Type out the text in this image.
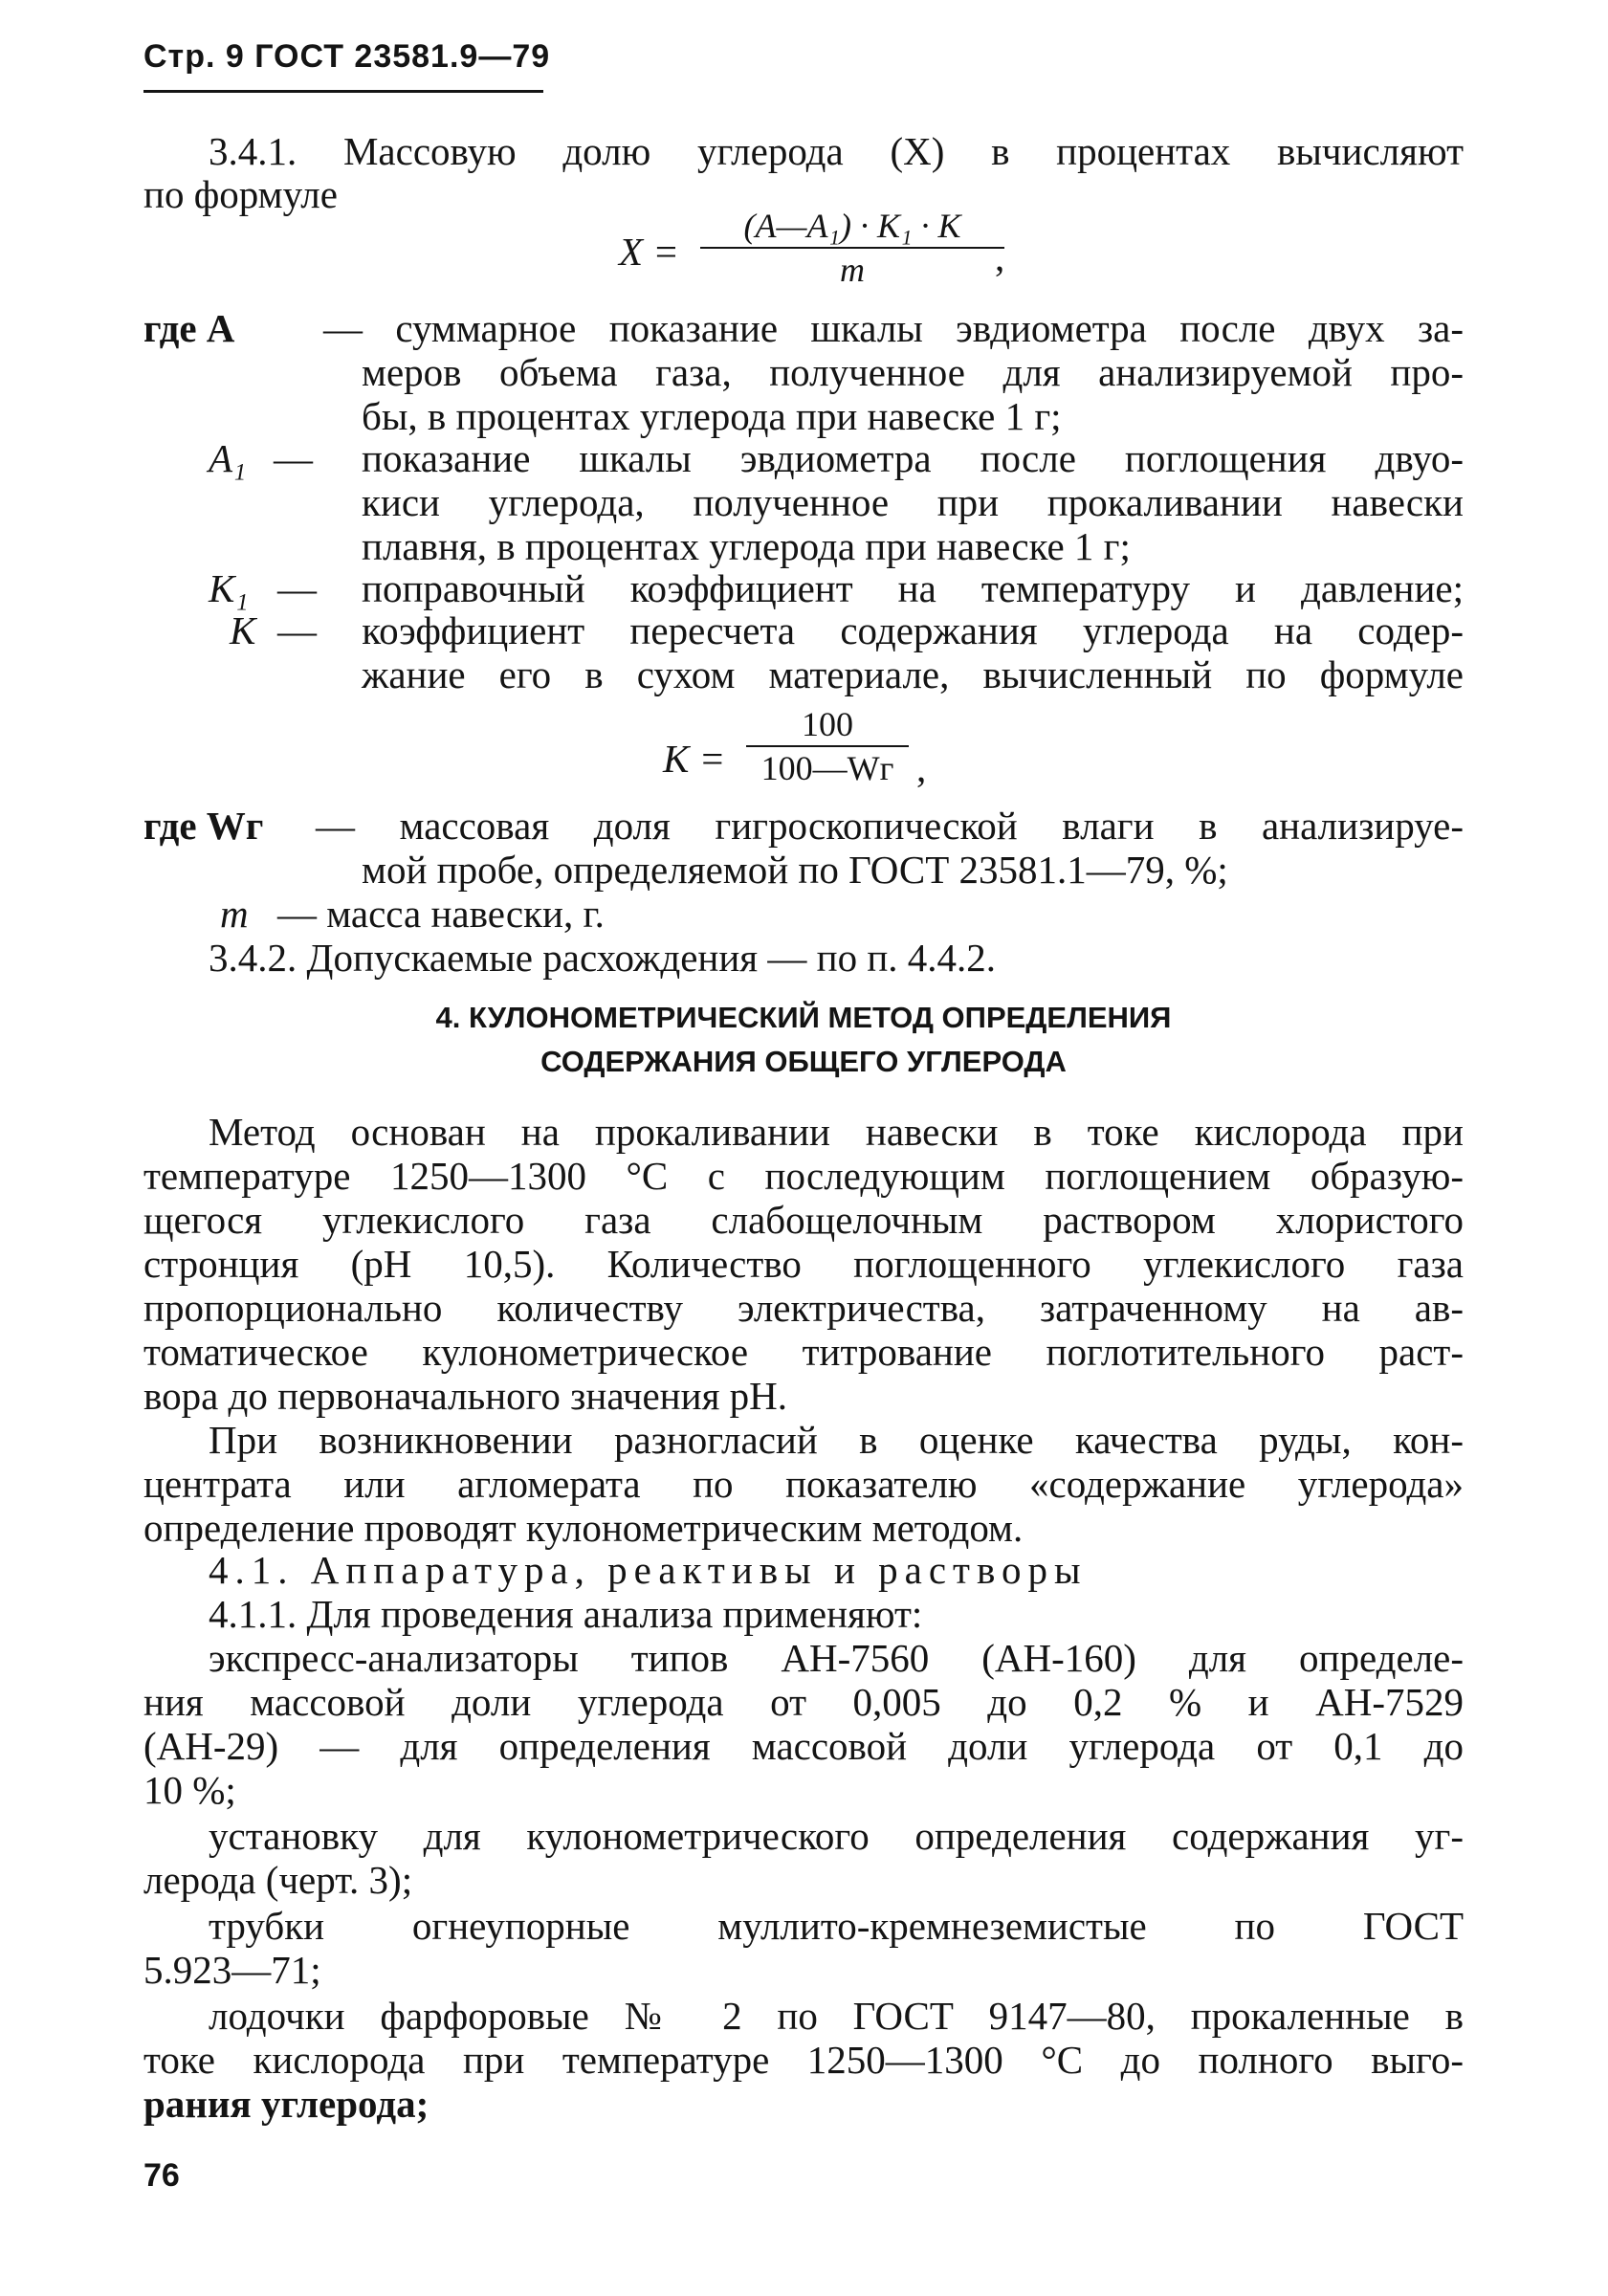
Стр. 9 ГОСТ 23581.9—79
3.4.1. Массовую долю углерода (X) в процентах вычисляют
по формуле
X =
(A—A₁) · K₁ · K
m	,
где A — суммарное показание шкалы эвдиометра после двух за-
меров объема газа, полученное для анализируемой про-
бы, в процентах углерода при навеске 1 г;
A₁ — показание шкалы эвдиометра после поглощения двуо-
киси углерода, полученное при прокаливании навески
плавня, в процентах углерода при навеске 1 г;
K₁ — поправочный коэффициент на температуру и давление;
K — коэффициент пересчета содержания углерода на содер-
жание его в сухом материале, вычисленный по формуле
K =
100
100—Wг ,
где Wг — массовая доля гигроскопической влаги в анализируе-
мой пробе, определяемой по ГОСТ 23581.1—79, %;
m — масса навески, г.
3.4.2. Допускаемые расхождения — по п. 4.4.2.
4. КУЛОНОМЕТРИЧЕСКИЙ МЕТОД ОПРЕДЕЛЕНИЯ
СОДЕРЖАНИЯ ОБЩЕГО УГЛЕРОДА
Метод основан на прокаливании навески в токе кислорода при
температуре 1250—1300 °С с последующим поглощением образую-
щегося углекислого газа слабощелочным раствором хлористого
стронция (рН 10,5). Количество поглощенного углекислого газа
пропорционально количеству электричества, затраченному на ав-
томатическое кулонометрическое титрование поглотительного раст-
вора до первоначального значения рН.
При возникновении разногласий в оценке качества руды, кон-
центрата или агломерата по показателю «содержание углерода»
определение проводят кулонометрическим методом.
4.1. Аппаратура, реактивы и растворы
4.1.1. Для проведения анализа применяют:
экспресс-анализаторы типов АН-7560 (АН-160) для определе-
ния массовой доли углерода от 0,005 до 0,2 % и АН-7529
(АН-29) — для определения массовой доли углерода от 0,1 до
10 %;
установку для кулонометрического определения содержания уг-
лерода (черт. 3);
трубки огнеупорные муллито-кремнеземистые по ГОСТ
5.923—71;
лодочки фарфоровые № 2 по ГОСТ 9147—80, прокаленные в
токе кислорода при температуре 1250—1300 °С до полного выго-
рания углерода;
76
